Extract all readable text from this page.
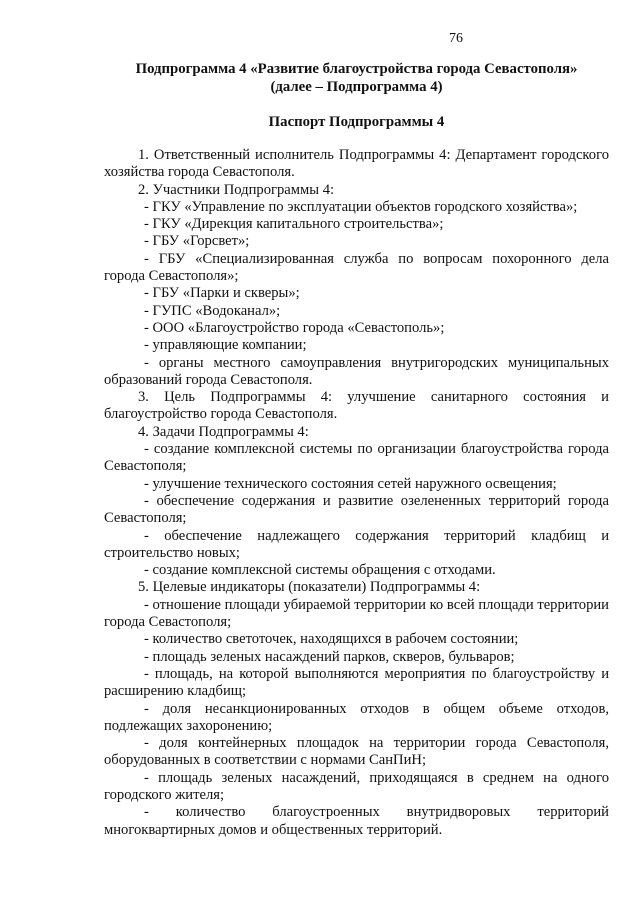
76
Подпрограмма 4 «Развитие благоустройства города Севастополя»
(далее – Подпрограмма 4)
Паспорт Подпрограммы 4

1. Ответственный исполнитель Подпрограммы 4: Департамент городского хозяйства города Севастополя.

2. Участники Подпрограммы 4:

- ГКУ «Управление по эксплуатации объектов городского хозяйства»;

- ГКУ «Дирекция капитального строительства»;

- ГБУ «Горсвет»;

- ГБУ «Специализированная служба по вопросам похоронного дела города Севастополя»;

- ГБУ «Парки и скверы»;

- ГУПС «Водоканал»;

- ООО «Благоустройство города «Севастополь»;

- управляющие компании;

- органы местного самоуправления внутригородских муниципальных образований города Севастополя.

3. Цель Подпрограммы 4: улучшение санитарного состояния и благоустройство города Севастополя.

4. Задачи Подпрограммы 4:

- создание комплексной системы по организации благоустройства города Севастополя;

- улучшение технического состояния сетей наружного освещения;

- обеспечение содержания и развитие озелененных территорий города Севастополя;

- обеспечение надлежащего содержания территорий кладбищ и строительство новых;

- создание комплексной системы обращения с отходами.

5. Целевые индикаторы (показатели) Подпрограммы 4:

- отношение площади убираемой территории ко всей площади территории города Севастополя;

- количество светоточек, находящихся в рабочем состоянии;

- площадь зеленых насаждений парков, скверов, бульваров;

- площадь, на которой выполняются мероприятия по благоустройству и расширению кладбищ;

- доля несанкционированных отходов в общем объеме отходов, подлежащих захоронению;

- доля контейнерных площадок на территории города Севастополя, оборудованных в соответствии с нормами СанПиН;

- площадь зеленых насаждений, приходящаяся в среднем на одного городского жителя;

- количество благоустроенных внутридворовых территорий многоквартирных домов и общественных территорий.
